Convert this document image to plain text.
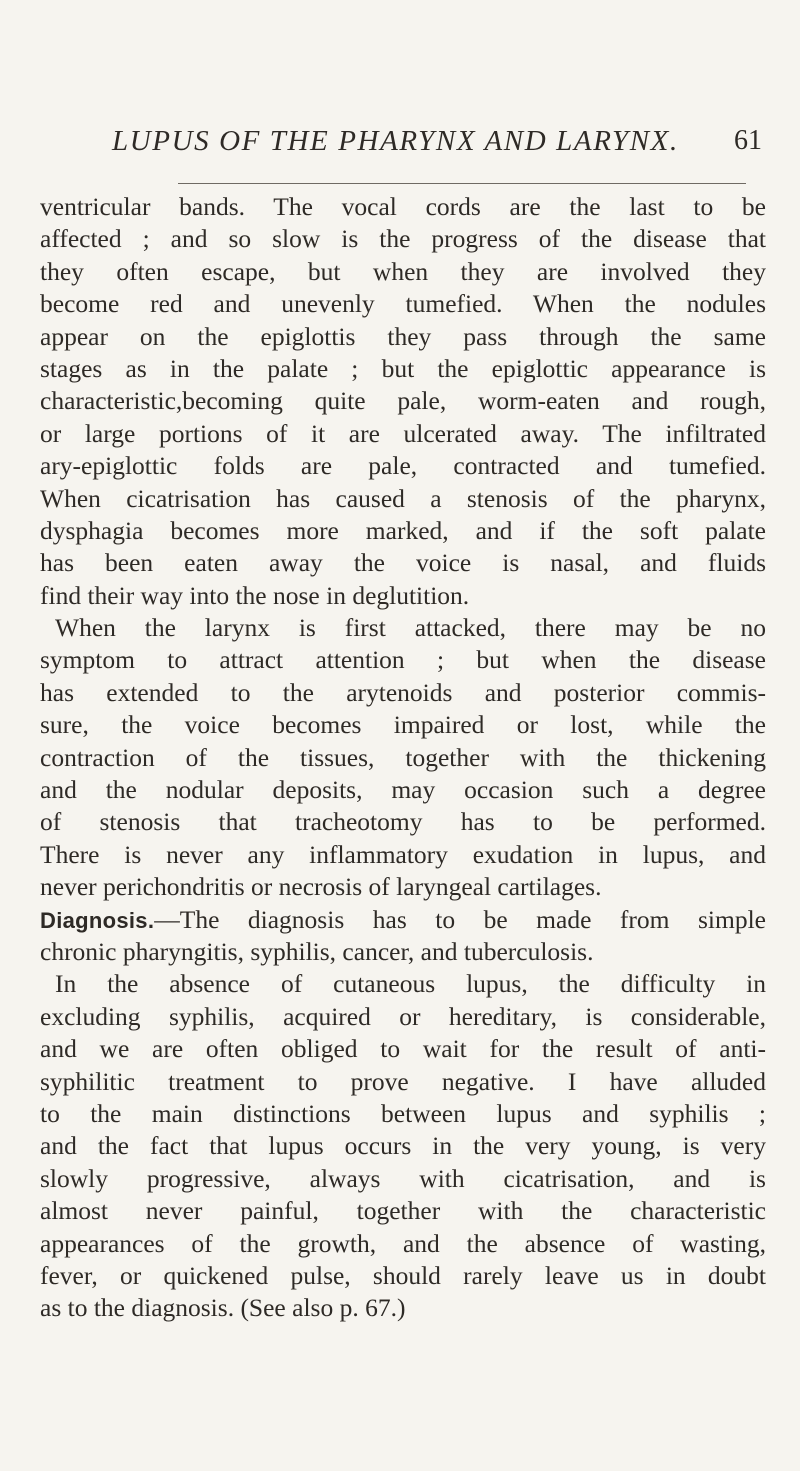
LUPUS OF THE PHARYNX AND LARYNX. 61
ventricular bands. The vocal cords are the last to be
affected ; and so slow is the progress of the disease that
they often escape, but when they are involved they
become red and unevenly tumefied. When the nodules
appear on the epiglottis they pass through the same
stages as in the palate ; but the epiglottic appearance is
characteristic,becoming quite pale, worm-eaten and rough,
or large portions of it are ulcerated away. The infiltrated
ary-epiglottic folds are pale, contracted and tumefied.
When cicatrisation has caused a stenosis of the pharynx,
dysphagia becomes more marked, and if the soft palate
has been eaten away the voice is nasal, and fluids
find their way into the nose in deglutition.
When the larynx is first attacked, there may be no
symptom to attract attention ; but when the disease
has extended to the arytenoids and posterior commis-
sure, the voice becomes impaired or lost, while the
contraction of the tissues, together with the thickening
and the nodular deposits, may occasion such a degree
of stenosis that tracheotomy has to be performed.
There is never any inflammatory exudation in lupus, and
never perichondritis or necrosis of laryngeal cartilages.
Diagnosis.—The diagnosis has to be made from simple
chronic pharyngitis, syphilis, cancer, and tuberculosis.
In the absence of cutaneous lupus, the difficulty in
excluding syphilis, acquired or hereditary, is considerable,
and we are often obliged to wait for the result of anti-
syphilitic treatment to prove negative. I have alluded
to the main distinctions between lupus and syphilis ;
and the fact that lupus occurs in the very young, is very
slowly progressive, always with cicatrisation, and is
almost never painful, together with the characteristic
appearances of the growth, and the absence of wasting,
fever, or quickened pulse, should rarely leave us in doubt
as to the diagnosis. (See also p. 67.)
